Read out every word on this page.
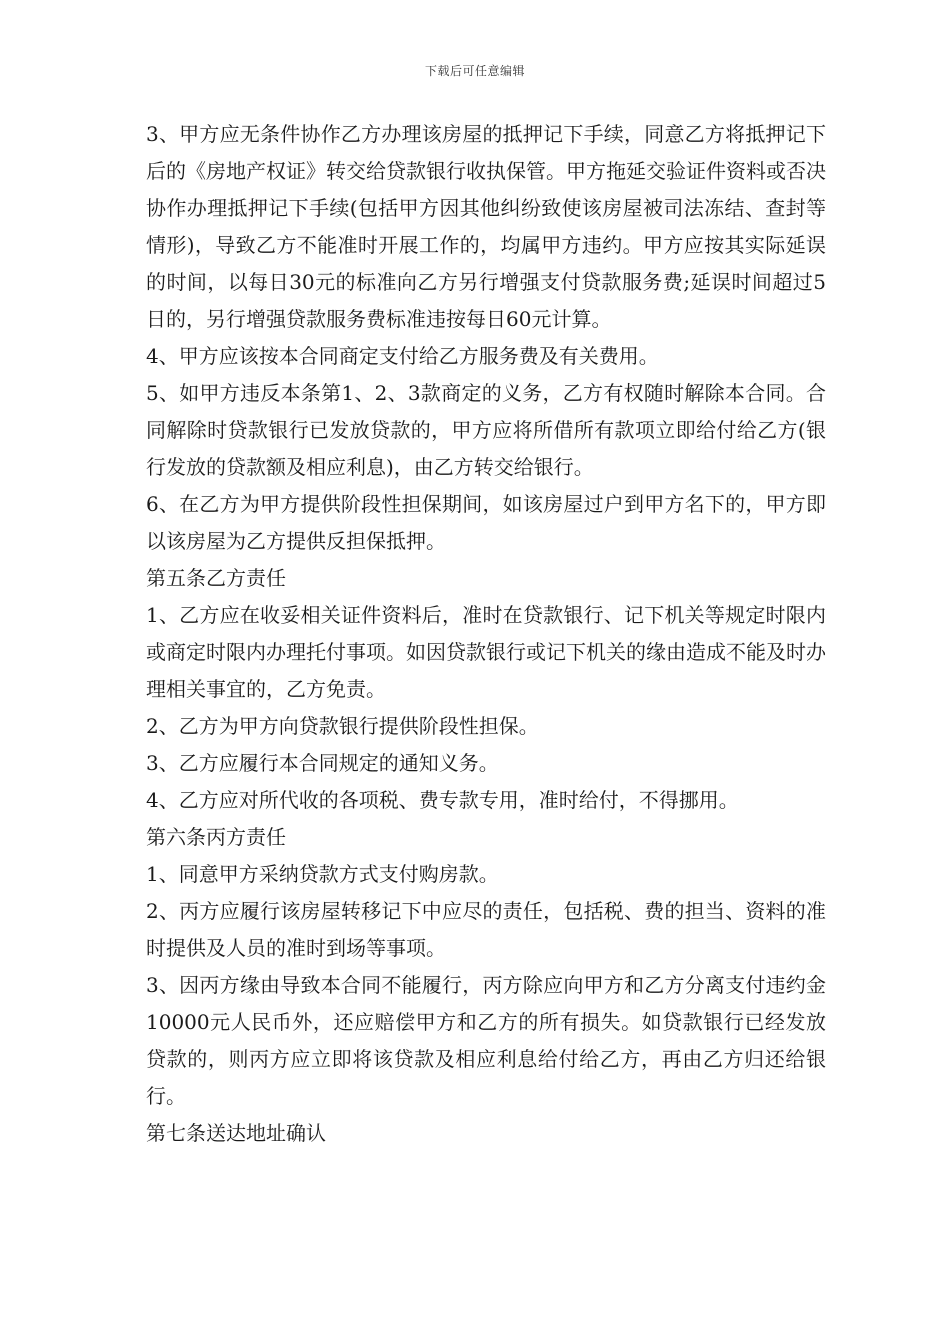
下载后可任意编辑

3、甲方应无条件协作乙方办理该房屋的抵押记下手续，同意乙方将抵押记下后的《房地产权证》转交给贷款银行收执保管。甲方拖延交验证件资料或否决协作办理抵押记下手续(包括甲方因其他纠纷致使该房屋被司法冻结、查封等情形)，导致乙方不能准时开展工作的，均属甲方违约。甲方应按其实际延误的时间，以每日30元的标准向乙方另行增强支付贷款服务费;延误时间超过5日的，另行增强贷款服务费标准违按每日60元计算。

4、甲方应该按本合同商定支付给乙方服务费及有关费用。

5、如甲方违反本条第1、2、3款商定的义务，乙方有权随时解除本合同。合同解除时贷款银行已发放贷款的，甲方应将所借所有款项立即给付给乙方(银行发放的贷款额及相应利息)，由乙方转交给银行。

6、在乙方为甲方提供阶段性担保期间，如该房屋过户到甲方名下的，甲方即以该房屋为乙方提供反担保抵押。

第五条乙方责任

1、乙方应在收妥相关证件资料后，准时在贷款银行、记下机关等规定时限内或商定时限内办理托付事项。如因贷款银行或记下机关的缘由造成不能及时办理相关事宜的，乙方免责。

2、乙方为甲方向贷款银行提供阶段性担保。

3、乙方应履行本合同规定的通知义务。

4、乙方应对所代收的各项税、费专款专用，准时给付，不得挪用。

第六条丙方责任

1、同意甲方采纳贷款方式支付购房款。

2、丙方应履行该房屋转移记下中应尽的责任，包括税、费的担当、资料的准时提供及人员的准时到场等事项。

3、因丙方缘由导致本合同不能履行，丙方除应向甲方和乙方分离支付违约金10000元人民币外，还应赔偿甲方和乙方的所有损失。如贷款银行已经发放贷款的，则丙方应立即将该贷款及相应利息给付给乙方，再由乙方归还给银行。

第七条送达地址确认
